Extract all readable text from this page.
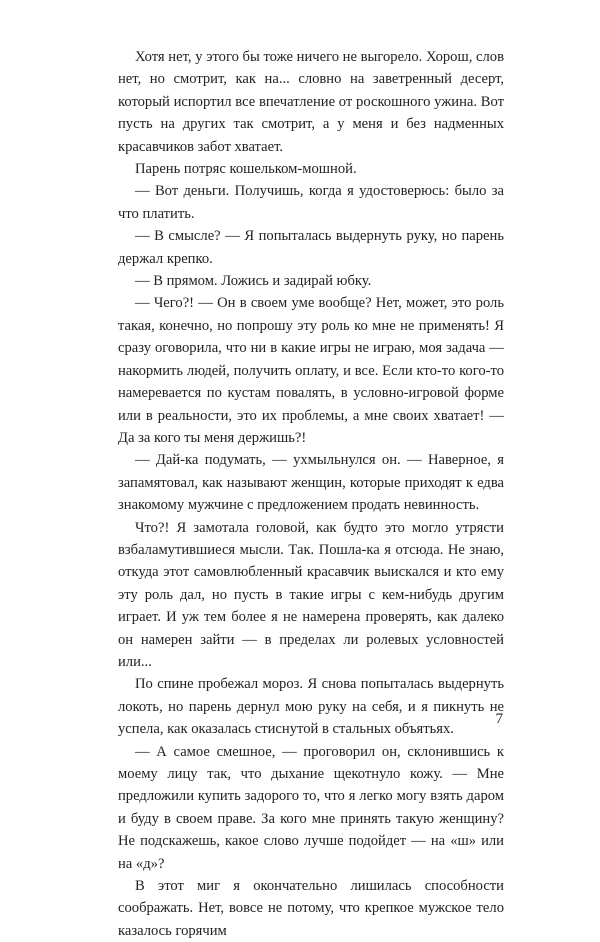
Хотя нет, у этого бы тоже ничего не выгорело. Хорош, слов нет, но смотрит, как на... словно на заветренный десерт, который испортил все впечатление от роскошного ужина. Вот пусть на других так смотрит, а у меня и без надменных красавчиков забот хватает.

Парень потряс кошельком-мошной.

— Вот деньги. Получишь, когда я удостоверюсь: было за что платить.

— В смысле? — Я попыталась выдернуть руку, но парень держал крепко.

— В прямом. Ложись и задирай юбку.

— Чего?! — Он в своем уме вообще? Нет, может, это роль такая, конечно, но попрошу эту роль ко мне не применять! Я сразу оговорила, что ни в какие игры не играю, моя задача — накормить людей, получить оплату, и все. Если кто-то кого-то намеревается по кустам повалять, в условно-игровой форме или в реальности, это их проблемы, а мне своих хватает! — Да за кого ты меня держишь?!

— Дай-ка подумать, — ухмыльнулся он. — Наверное, я запамятовал, как называют женщин, которые приходят к едва знакомому мужчине с предложением продать невинность.

Что?! Я замотала головой, как будто это могло утрясти взбаламутившиеся мысли. Так. Пошла-ка я отсюда. Не знаю, откуда этот самовлюбленный красавчик выискался и кто ему эту роль дал, но пусть в такие игры с кем-нибудь другим играет. И уж тем более я не намерена проверять, как далеко он намерен зайти — в пределах ли ролевых условностей или...

По спине пробежал мороз. Я снова попыталась выдернуть локоть, но парень дернул мою руку на себя, и я пикнуть не успела, как оказалась стиснутой в стальных объятьях.

— А самое смешное, — проговорил он, склонившись к моему лицу так, что дыхание щекотнуло кожу. — Мне предложили купить задорого то, что я легко могу взять даром и буду в своем праве. За кого мне принять такую женщину? Не подскажешь, какое слово лучше подойдет — на «ш» или на «д»?

В этот миг я окончательно лишилась способности соображать. Нет, вовсе не потому, что крепкое мужское тело казалось горячим

7
